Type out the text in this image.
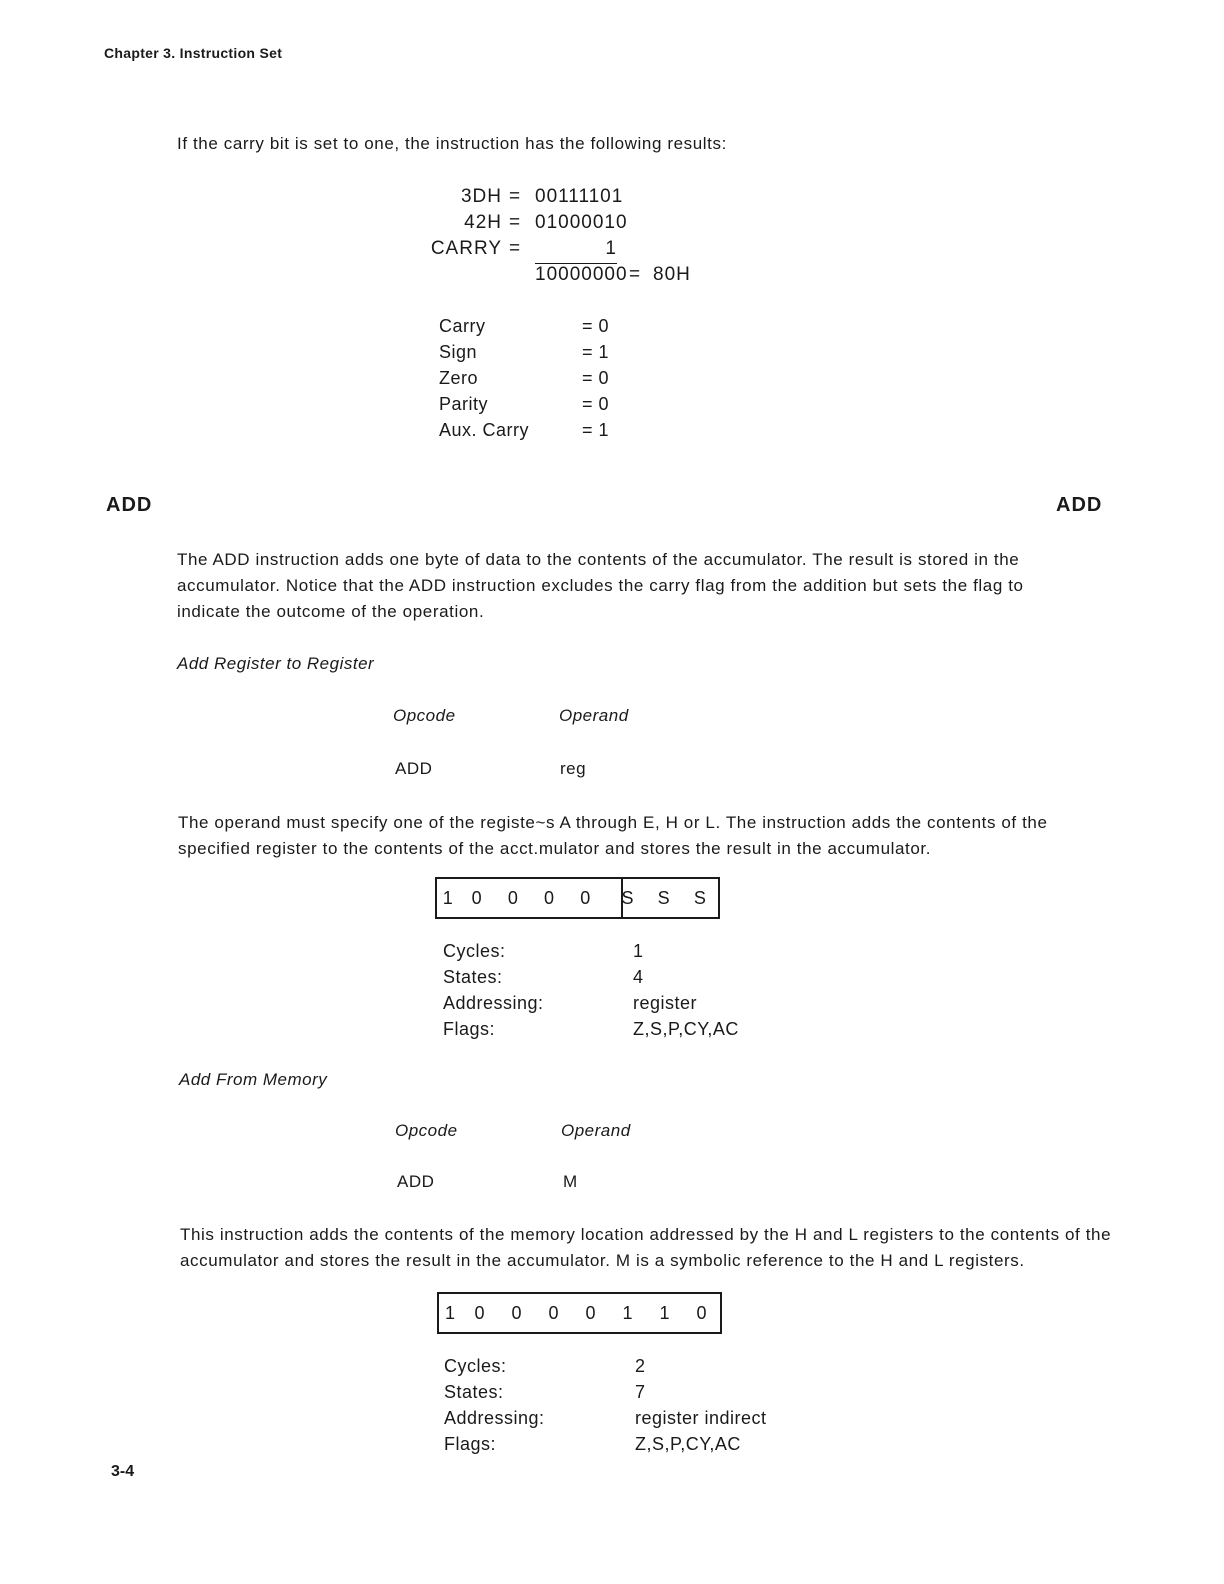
Chapter 3. Instruction Set
If the carry bit is set to one, the instruction has the following results:
3DH = 00111101
42H = 01000010
CARRY =	1
10000000 = 80H
Carry	= 0
Sign	= 1
Zero	= 0
Parity	= 0
Aux. Carry	= 1
ADD	ADD
The ADD instruction adds one byte of data to the contents of the accumulator. The result is stored in the accumulator. Notice that the ADD instruction excludes the carry flag from the addition but sets the flag to indicate the outcome of the operation.
Add Register to Register
Opcode	Operand
ADD	reg
The operand must specify one of the registe~s A through E, H or L. The instruction adds the contents of the specified register to the contents of the acct.mulator and stores the result in the accumulator.
1	0	0	0	0	S	S	S
Cycles:	1
States:	4
Addressing:	register
Flags:	Z,S,P,CY,AC
Add From Memory
Opcode	Operand
ADD	M
This instruction adds the contents of the memory location addressed by the H and L registers to the contents of the accumulator and stores the result in the accumulator. M is a symbolic reference to the H and L registers.
1	0	0	0	0	1	1	0
Cycles:	2
States:	7
Addressing:	register indirect
Flags:	Z,S,P,CY,AC
3-4
